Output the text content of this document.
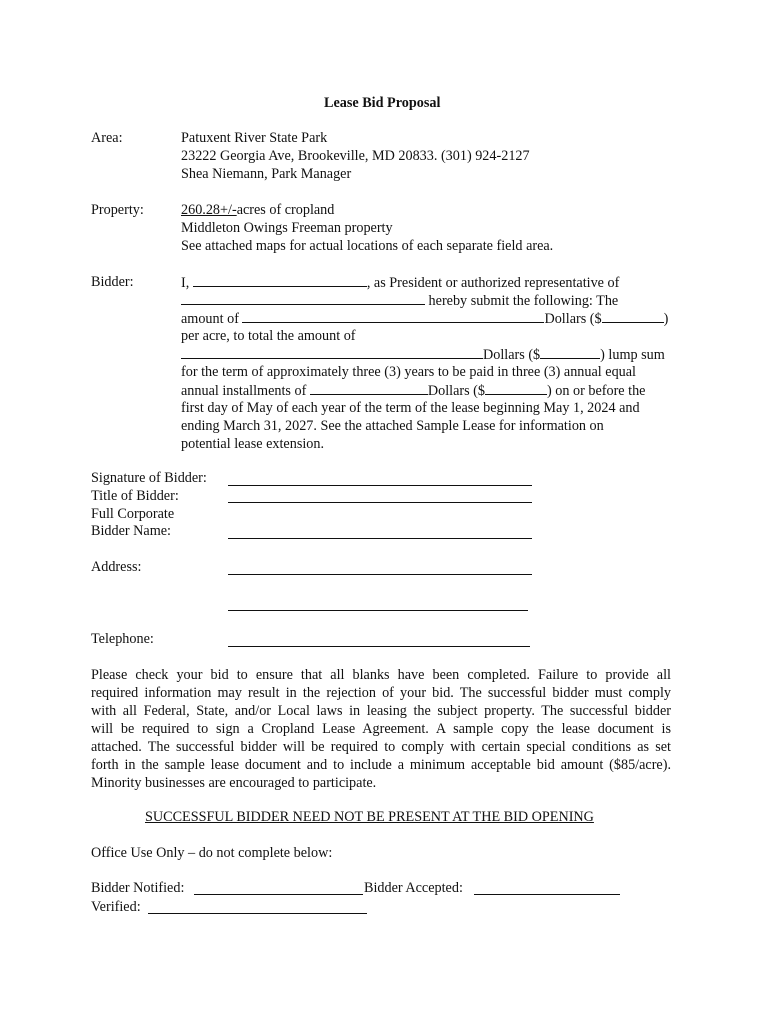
Lease Bid Proposal
Area:	Patuxent River State Park
23222 Georgia Ave, Brookeville, MD 20833. (301) 924-2127
Shea Niemann, Park Manager
Property:	260.28+/-acres of cropland
Middleton Owings Freeman property
See attached maps for actual locations of each separate field area.
Bidder:	I,	, as President or authorized representative of
hereby submit the following: The
amount of	Dollars ($	)
per acre, to total the amount of
Dollars ($	) lump sum
for the term of approximately three (3) years to be paid in three (3) annual equal
annual installments of	Dollars ($	) on or before the
first day of May of each year of the term of the lease beginning May 1, 2024 and
ending March 31, 2027. See the attached Sample Lease for information on
potential lease extension.
Signature of Bidder:
Title of Bidder:
Full Corporate
Bidder Name:
Address:
Telephone:
Please check your bid to ensure that all blanks have been completed. Failure to provide all
required information may result in the rejection of your bid. The successful bidder must comply
with all Federal, State, and/or Local laws in leasing the subject property. The successful bidder
will be required to sign a Cropland Lease Agreement. A sample copy the lease document is
attached. The successful bidder will be required to comply with certain special conditions as set
forth in the sample lease document and to include a minimum acceptable bid amount ($85/acre).
Minority businesses are encouraged to participate.
SUCCESSFUL BIDDER NEED NOT BE PRESENT AT THE BID OPENING
Office Use Only – do not complete below:
Bidder Notified:	Bidder Accepted:
Verified:
